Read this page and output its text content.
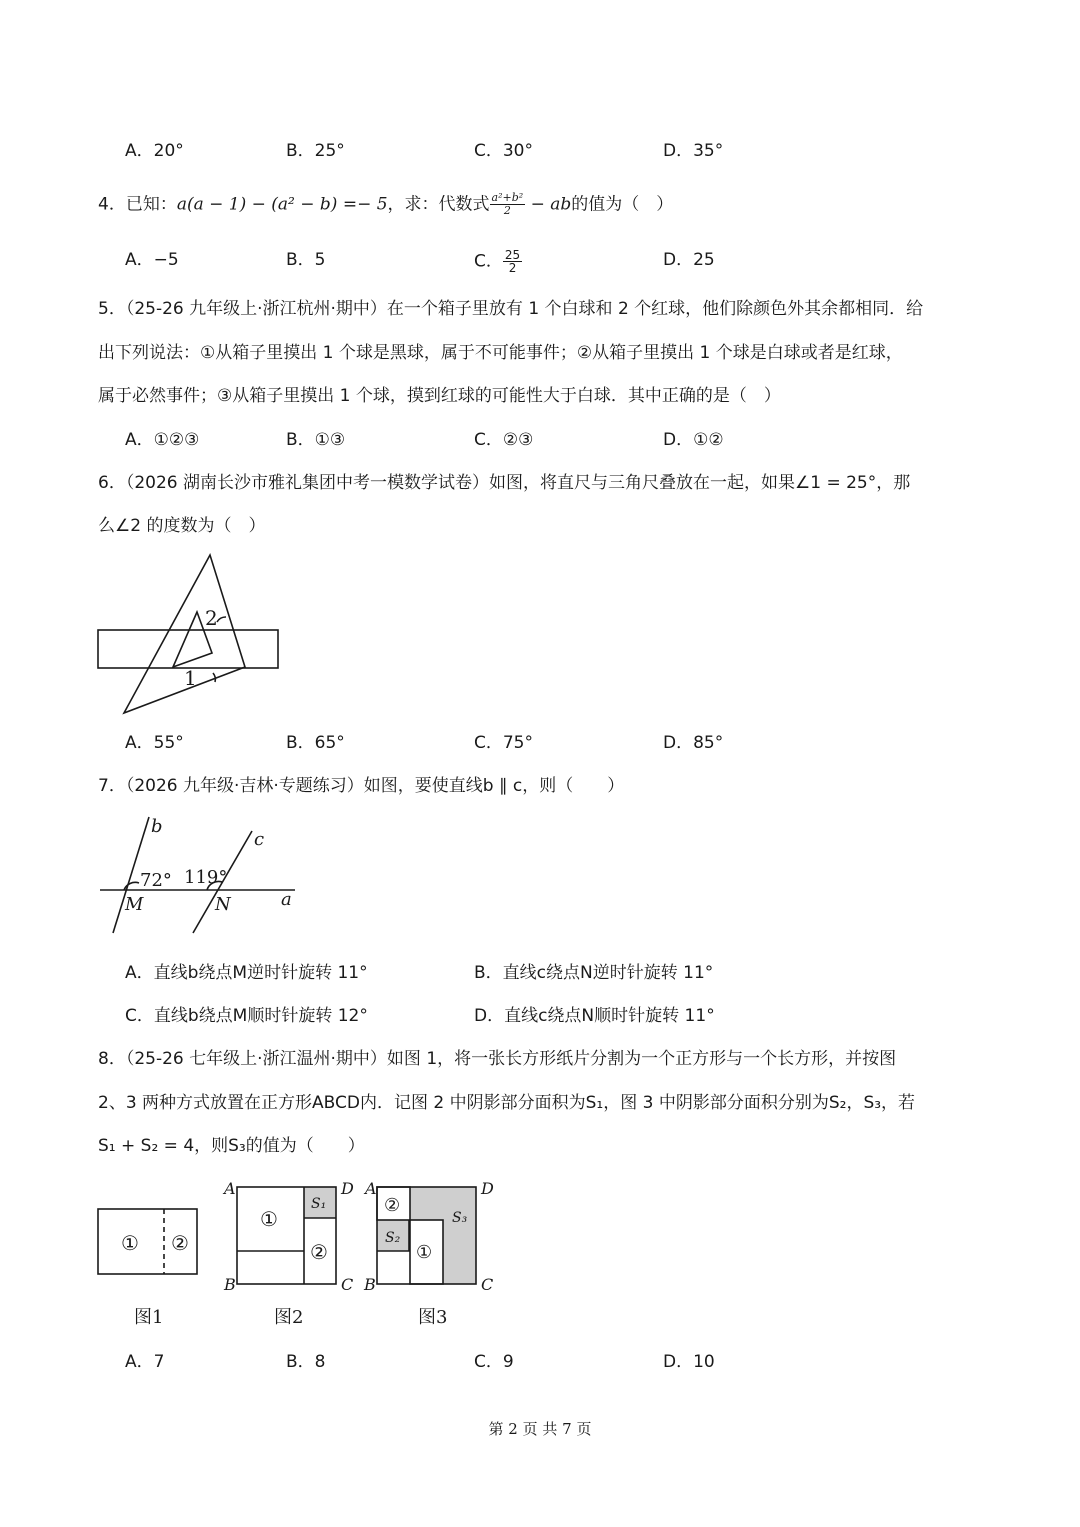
A．20°	B．25°	C．30°	D．35°
4．已知：a(a − 1) − (a² − b) =− 5，求：代数式 $\frac{\text{a²+b²}}{2}$ − ab的值为（　）
A．−5	B．5	C． $\frac{25}{2}$	D．25
5．（25-26 九年级上·浙江杭州·期中）在一个箱子里放有 1 个白球和 2 个红球，他们除颜色外其余都相同．给
出下列说法：①从箱子里摸出 1 个球是黑球，属于不可能事件；②从箱子里摸出 1 个球是白球或者是红球，
属于必然事件；③从箱子里摸出 1 个球，摸到红球的可能性大于白球．其中正确的是（　）
A．①②③	B．①③	C．②③	D．①②
6．（2026 湖南长沙市雅礼集团中考一模数学试卷）如图，将直尺与三角尺叠放在一起，如果∠1 = 25°，那
么∠2 的度数为（　）
2
1
A．55°	B．65°	C．75°	D．85°
7．（2026 九年级·吉林·专题练习）如图，要使直线b ∥ c，则（　　）
b
c
a
M	N
72° 119°
A．直线b绕点M逆时针旋转 11°	B．直线c绕点N逆时针旋转 11°
C．直线b绕点M顺时针旋转 12°	D．直线c绕点N顺时针旋转 11°
8．（25-26 七年级上·浙江温州·期中）如图 1，将一张长方形纸片分割为一个正方形与一个长方形，并按图
2、3 两种方式放置在正方形ABCD内．记图 2 中阴影部分面积为S₁，图 3 中阴影部分面积分别为S₂，S₃，若
S₁ + S₂ = 4，则S₃的值为（　　）
① ②
图1
A	D
B	C
①
②
S₁
图2
A	D
B	C
②
①
S₂
S₃
图3
A．7	B．8	C．9	D．10
第 2 页 共 7 页
